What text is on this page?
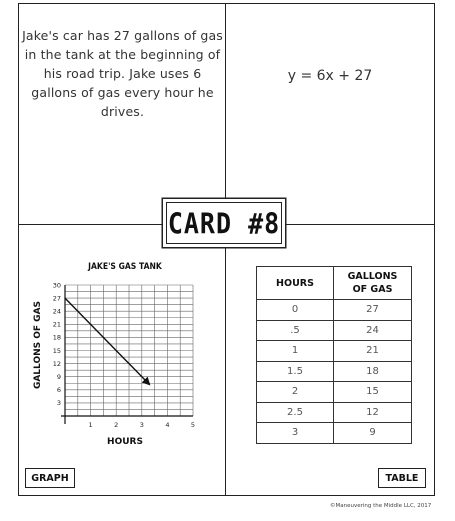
Jake's car has 27 gallons of gas in the tank at the beginning of his road trip. Jake uses 6 gallons of gas every hour he drives.
y = 6x + 27
CARD #8
JAKE'S GAS TANK
GALLONS OF GAS
HOURS
1	2	3	4	5
3
6
9
12
15
18
21
24
27
30
GRAPH
HOURS	GALLONS OF GAS
0	27
.5	24
1	21
1.5	18
2	15
2.5	12
3	9
TABLE
©Maneuvering the Middle LLC, 2017
